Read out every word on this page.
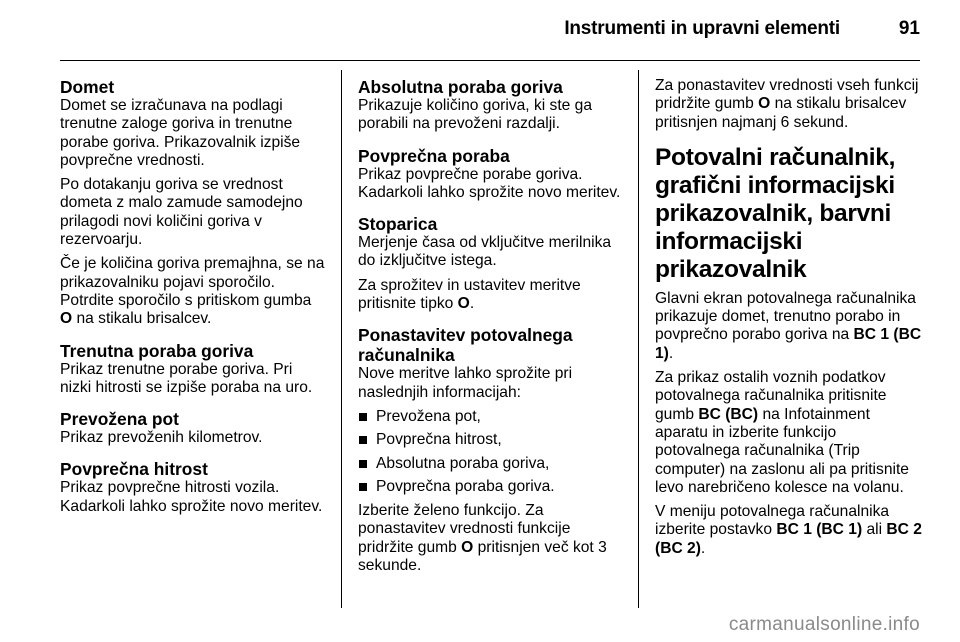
Instrumenti in upravni elementi	91
Domet
Domet se izračunava na podlagi trenutne zaloge goriva in trenutne porabe goriva. Prikazovalnik izpiše povprečne vrednosti.
Po dotakanju goriva se vrednost dometa z malo zamude samodejno prilagodi novi količini goriva v rezervoarju.
Če je količina goriva premajhna, se na prikazovalniku pojavi sporočilo. Potrdite sporočilo s pritiskom gumba O na stikalu brisalcev.
Trenutna poraba goriva
Prikaz trenutne porabe goriva. Pri nizki hitrosti se izpiše poraba na uro.
Prevožena pot
Prikaz prevoženih kilometrov.
Povprečna hitrost
Prikaz povprečne hitrosti vozila. Kadarkoli lahko sprožite novo meritev.
Absolutna poraba goriva
Prikazuje količino goriva, ki ste ga porabili na prevoženi razdalji.
Povprečna poraba
Prikaz povprečne porabe goriva. Kadarkoli lahko sprožite novo meritev.
Stoparica
Merjenje časa od vključitve merilnika do izključitve istega.
Za sprožitev in ustavitev meritve pritisnite tipko O.
Ponastavitev potovalnega računalnika
Nove meritve lahko sprožite pri naslednjih informacijah:
Prevožena pot,
Povprečna hitrost,
Absolutna poraba goriva,
Povprečna poraba goriva.
Izberite želeno funkcijo. Za ponastavitev vrednosti funkcije pridržite gumb O pritisnjen več kot 3 sekunde.
Za ponastavitev vrednosti vseh funkcij pridržite gumb O na stikalu brisalcev pritisnjen najmanj 6 sekund.
Potovalni računalnik, grafični informacijski prikazovalnik, barvni informacijski prikazovalnik
Glavni ekran potovalnega računalnika prikazuje domet, trenutno porabo in povprečno porabo goriva na BC 1 (BC 1).
Za prikaz ostalih voznih podatkov potovalnega računalnika pritisnite gumb BC (BC) na Infotainment aparatu in izberite funkcijo potovalnega računalnika (Trip computer) na zaslonu ali pa pritisnite levo narebričeno kolesce na volanu.
V meniju potovalnega računalnika izberite postavko BC 1 (BC 1) ali BC 2 (BC 2).
carmanualsonline.info
